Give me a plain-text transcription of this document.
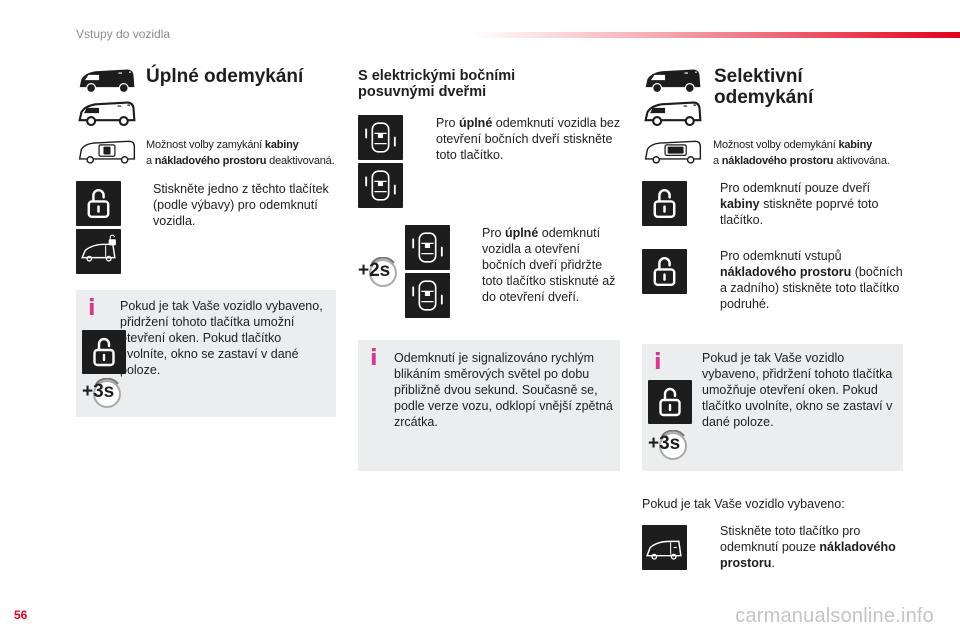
Vstupy do vozidla
Úplné odemykání
Možnost volby zamykání kabiny
a nákladového prostoru deaktivovaná.
Stiskněte jedno z těchto tlačítek (podle výbavy) pro odemknutí vozidla.
i
+3s
Pokud je tak Vaše vozidlo vybaveno, přidržení tohoto tlačítka umožní otevření oken. Pokud tlačítko uvolníte, okno se zastaví v dané poloze.
S elektrickými bočními
posuvnými dveřmi
Pro úplné odemknutí vozidla bez otevření bočních dveří stiskněte toto tlačítko.
+2s
Pro úplné odemknutí vozidla a otevření bočních dveří přidržte toto tlačítko stisknuté až do otevření dveří.
i Odemknutí je signalizováno rychlým blikáním směrových světel po dobu přibližně dvou sekund. Současně se, podle verze vozu, odklopí vnější zpětná zrcátka.
Selektivní
odemykání
Možnost volby odemykání kabiny
a nákladového prostoru aktivována.
Pro odemknutí pouze dveří kabiny stiskněte poprvé toto tlačítko.
Pro odemknutí vstupů nákladového prostoru (bočních a zadního) stiskněte toto tlačítko podruhé.
i
+3s
Pokud je tak Vaše vozidlo vybaveno, přidržení tohoto tlačítka umožňuje otevření oken. Pokud tlačítko uvolníte, okno se zastaví v dané poloze.
Pokud je tak Vaše vozidlo vybaveno:
Stiskněte toto tlačítko pro odemknutí pouze nákladového prostoru.
56	carmanualsonline.info
